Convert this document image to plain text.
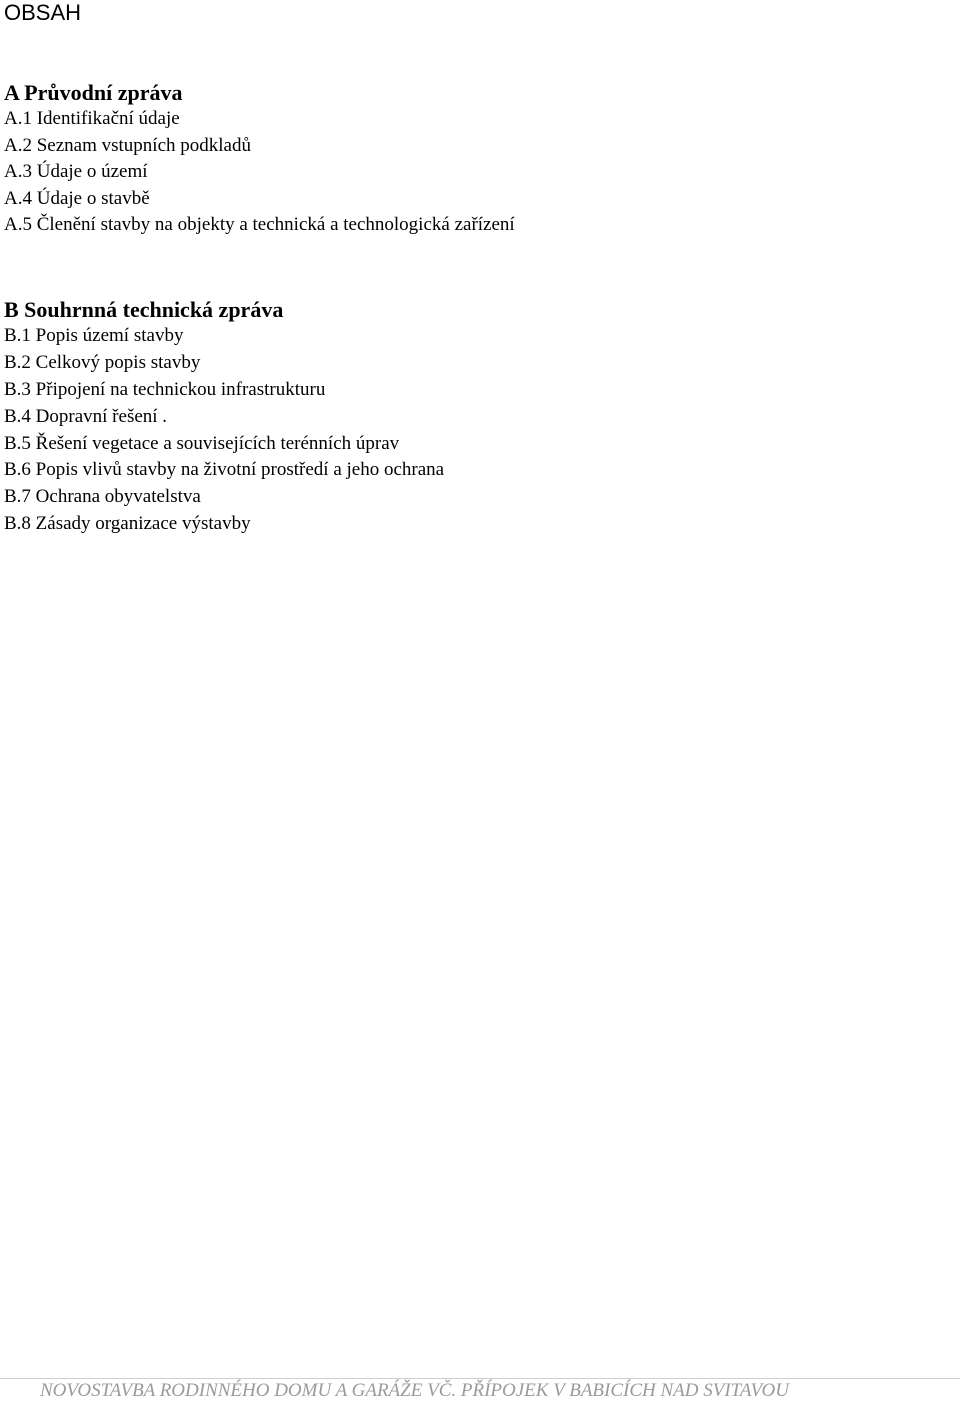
OBSAH
A Průvodní zpráva
A.1 Identifikační údaje
A.2 Seznam vstupních podkladů
A.3 Údaje o území
A.4 Údaje o stavbě
A.5 Členění stavby na objekty a technická a technologická zařízení
B Souhrnná technická zpráva
B.1 Popis území stavby
B.2 Celkový popis stavby
B.3 Připojení na technickou infrastrukturu
B.4 Dopravní řešení .
B.5 Řešení vegetace a souvisejících terénních úprav
B.6 Popis vlivů stavby na životní prostředí a jeho ochrana
B.7 Ochrana obyvatelstva
B.8 Zásady organizace výstavby
NOVOSTAVBA RODINNÉHO DOMU A GARÁŽE VČ. PŘÍPOJEK V BABICÍCH NAD SVITAVOU
